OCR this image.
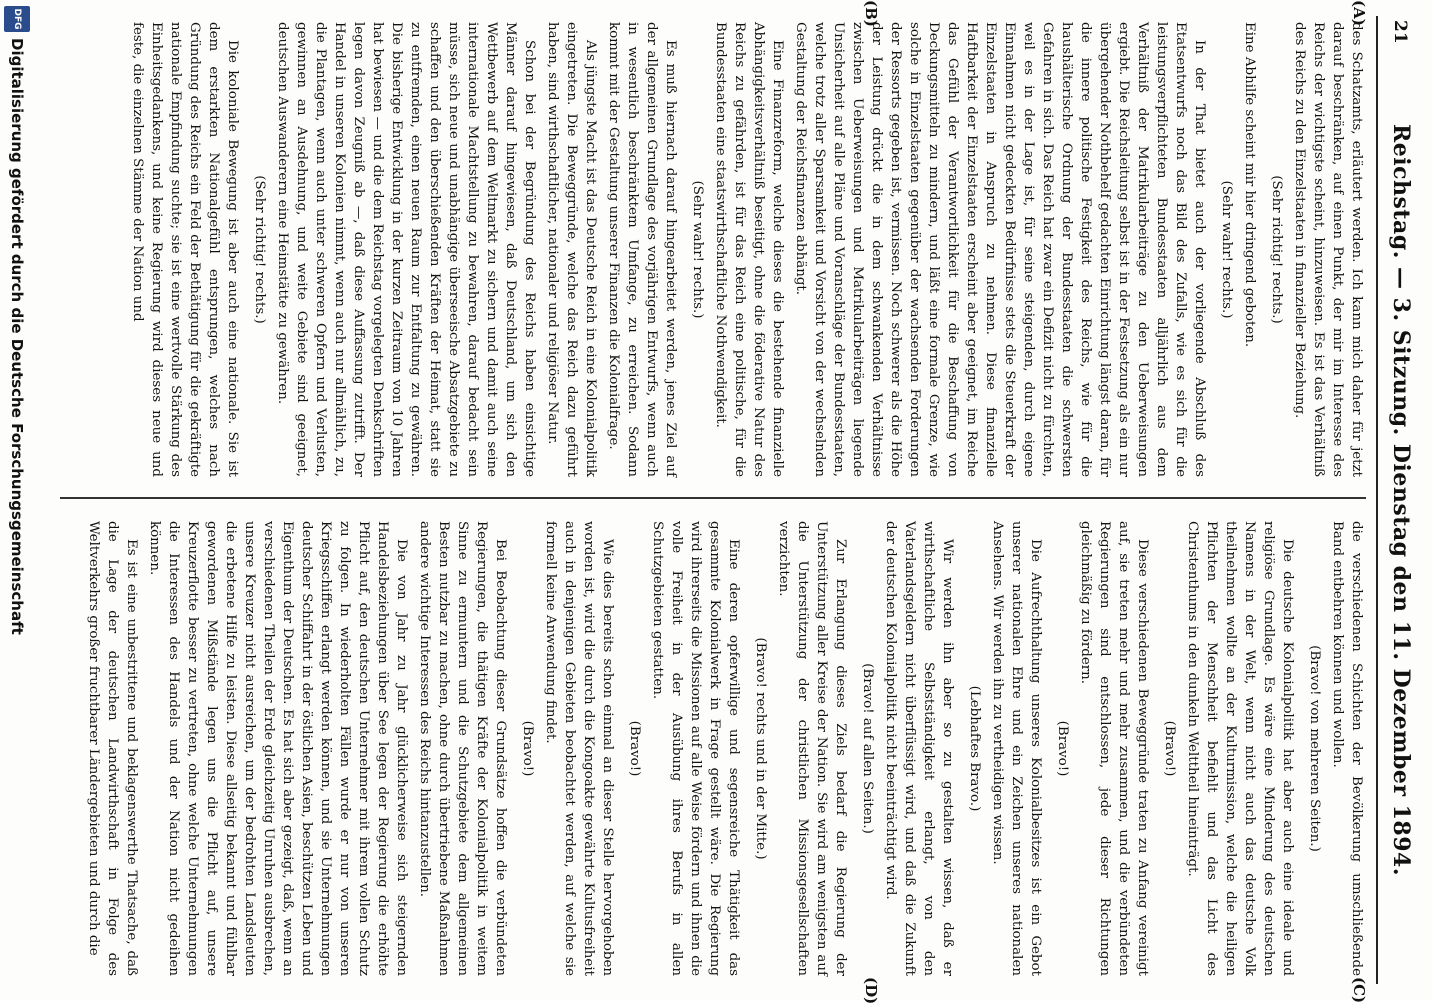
Reichstag. — 3. Sitzung. Dienstag den 11. Dezember 1894.
21
(A)
(B)
(C)
(D)

des Schatzamts, erläutert werden. Ich kann mich daher für jetzt darauf beschränken, auf einen Punkt, der mir im Interesse des Reichs der wichtigste scheint, hinzuweisen. Es ist das Verhältniß des Reichs zu den Einzelstaaten in finanzieller Beziehung.

(Sehr richtig! rechts.)

Eine Abhilfe scheint mir hier dringend geboten.

(Sehr wahr! rechts.)

In der That bietet auch der vorliegende Abschluß des Etatsentwurfs noch das Bild des Zufalls, wie es sich für die leistungsverpflichteten Bundesstaaten alljährlich aus dem Verhältniß der Matrikularbeiträge zu den Ueberweisungen ergiebt. Die Reichsleitung selbst ist in der Festsetzung als ein nur übergehender Nothbehelf gedachten Einrichtung längst daran, für die innere politische Festigkeit des Reichs, wie für die haushälterische Ordnung der Bundesstaaten die schwersten Gefahren in sich. Das Reich hat zwar ein Defizit nicht zu fürchten, weil es in der Lage ist, für seine steigenden, durch eigene Einnahmen nicht gedeckten Bedürfnisse stets die Steuerkraft der Einzelstaaten in Anspruch zu nehmen. Diese finanzielle Haftbarkeit der Einzelstaaten erscheint aber geeignet, im Reiche das Gefühl der Verantwortlichkeit für die Beschaffung von Deckungsmitteln zu mindern, und läßt eine formale Grenze, wie solche in Einzelstaaten gegenüber der wachsenden Forderungen der Ressorts gegeben ist, vermissen. Noch schwerer als die Höhe der Leistung drückt die in dem schwankenden Verhältnisse zwischen Ueberweisungen und Matrikularbeiträgen liegende Unsicherheit auf alle Pläne und Voranschläge der Bundesstaaten, welche trotz aller Sparsamkeit und Vorsicht von der wechselnden Gestaltung der Reichsfinanzen abhängt.

Eine Finanzreform, welche dieses die bestehende finanzielle Abhängigkeitsverhältniß beseitigt, ohne die föderative Natur des Reichs zu gefährden, ist für das Reich eine politische, für die Bundesstaaten eine staatswirthschaftliche Nothwendigkeit.

(Sehr wahr! rechts.)

Es muß hiernach darauf hingearbeitet werden, jenes Ziel auf der allgemeinen Grundlage des vorjährigen Entwurfs, wenn auch in wesentlich beschränktem Umfange, zu erreichen. Sodann kommt mit der Gestaltung unserer Finanzen die Kolonialfrage.

Als jüngste Macht ist das Deutsche Reich in eine Kolonialpolitik eingetreten. Die Beweggründe, welche das Reich dazu geführt haben, sind wirthschaftlicher, nationaler und religiöser Natur.

Schon bei der Begründung des Reichs haben einsichtige Männer darauf hingewiesen, daß Deutschland, um sich den Wettbewerb auf dem Weltmarkt zu sichern und damit auch seine internationale Machtstellung zu bewahren, darauf bedacht sein müsse, sich neue und unabhängige überseeische Absatzgebiete zu schaffen und den überschießenden Kräften der Heimat, statt sie zu entfremden, einen neuen Raum zur Entfaltung zu gewähren. Die bisherige Entwicklung in der kurzen Zeitraum von 10 Jahren hat bewiesen — und die dem Reichstag vorgelegten Denkschriften legen davon Zeugniß ab —, daß diese Auffassung zutrifft. Der Handel in unseren Kolonien nimmt, wenn auch nur allmählich, zu, die Plantagen, wenn auch unter schweren Opfern und Verlusten, gewinnen an Ausdehnung, und weite Gebiete sind geeignet, deutschen Auswanderern eine Heimstätte zu gewähren.

(Sehr richtig! rechts.)

Die koloniale Bewegung ist aber auch eine nationale. Sie ist dem erstarkten Nationalgefühl entsprungen, welches nach Gründung des Reichs ein Feld der Bethätigung für die gekräftigte nationale Empfindung suchte; sie ist eine wertvolle Stärkung des Einheitsgedankens, und keine Regierung wird dieses neue und feste, die einzelnen Stämme der Nation und

die verschiedenen Schichten der Bevölkerung umschließende Band entbehren können und wollen.

(Bravo! von mehreren Seiten.)

Die deutsche Kolonialpolitik hat aber auch eine ideale und religiöse Grundlage. Es wäre eine Minderung des deutschen Namens in der Welt, wenn nicht auch das deutsche Volk theilnehmen wollte an der Kulturmission, welche die heiligen Pflichten der Menschheit befiehlt und das Licht des Christenthums in den dunkeln Welttheil hineinträgt.

(Bravo!)

Diese verschiedenen Beweggründe traten zu Anfang vereinigt auf, sie treten mehr und mehr zusammen, und die verbündeten Regierungen sind entschlossen, jede dieser Richtungen gleichmäßig zu fördern.

(Bravo!)

Die Aufrechthaltung unseres Kolonialbesitzes ist ein Gebot unserer nationalen Ehre und ein Zeichen unseres nationalen Ansehens. Wir werden ihn zu vertheidigen wissen.

(Lebhaftes Bravo.)

Wir werden ihn aber so zu gestalten wissen, daß er wirthschaftliche Selbstständigkeit erlangt, von den Vaterlandsgeldern nicht überflüssigt wird, und daß die Zukunft der deutschen Kolonialpolitik nicht beeinträchtigt wird.

(Bravo! auf allen Seiten.)

Zur Erlangung dieses Ziels bedarf die Regierung der Unterstützung aller Kreise der Nation. Sie wird am wenigsten auf die Unterstützung der christlichen Missionsgesellschaften verzichten.

(Bravo! rechts und in der Mitte.)

Eine deren opferwillige und segensreiche Thätigkeit das gesammte Kolonialwerk in Frage gestellt wäre. Die Regierung wird ihrerseits die Missionen auf alle Weise fördern und ihnen die volle Freiheit in der Ausübung ihres Berufs in allen Schutzgebieten gestatten.

(Bravo!)

Wie dies bereits schon einmal an dieser Stelle hervorgehoben worden ist, wird die durch die Kongoakte gewährte Kultusfreiheit auch in denjenigen Gebieten beobachtet werden, auf welche sie formell keine Anwendung findet.

(Bravo!)

Bei Beobachtung dieser Grundsätze hoffen die verbündeten Regierungen, die thätigen Kräfte der Kolonialpolitik in weitem Sinne zu ermuntern und die Schutzgebiete dem allgemeinen Besten nutzbar zu machen, ohne durch übertriebene Maßnahmen andere wichtige Interessen des Reichs hintanzustellen.

Die von Jahr zu Jahr glücklicherweise sich steigernden Handelsbeziehungen über See legen der Regierung die erhöhte Pflicht auf, den deutschen Unternehmer mit ihrem vollen Schutz zu folgen. In wiederholten Fällen wurde er nur von unseren Kriegsschiffen erlangt werden können, und sie Unternehmungen deutscher Schiffahrt in der östlichen Asien, beschützen Leben und Eigenthum der Deutschen. Es hat sich aber gezeigt, daß, wenn an verschiedenen Theilen der Erde gleichzeitig Unruhen ausbrechen, unsere Kreuzer nicht ausreichen, um der bedrohten Landsleuten die erbetene Hilfe zu leisten. Diese allseitig bekannt und fühlbar gewordenen Mißstände legen uns die Pflicht auf, unsere Kreuzerflotte besser zu vertreten, ohne welche Unternehmungen die Interessen des Handels und der Nation nicht gedeihen können.

Es ist eine unbestrittene und beklagenswerthe Thatsache, daß die Lage der deutschen Landwirthschaft in Folge des Weltverkehrs großer fruchtbarer Ländergebieten und durch die

DFG
Digitalisierung gefördert durch die Deutsche Forschungsgemeinschaft
